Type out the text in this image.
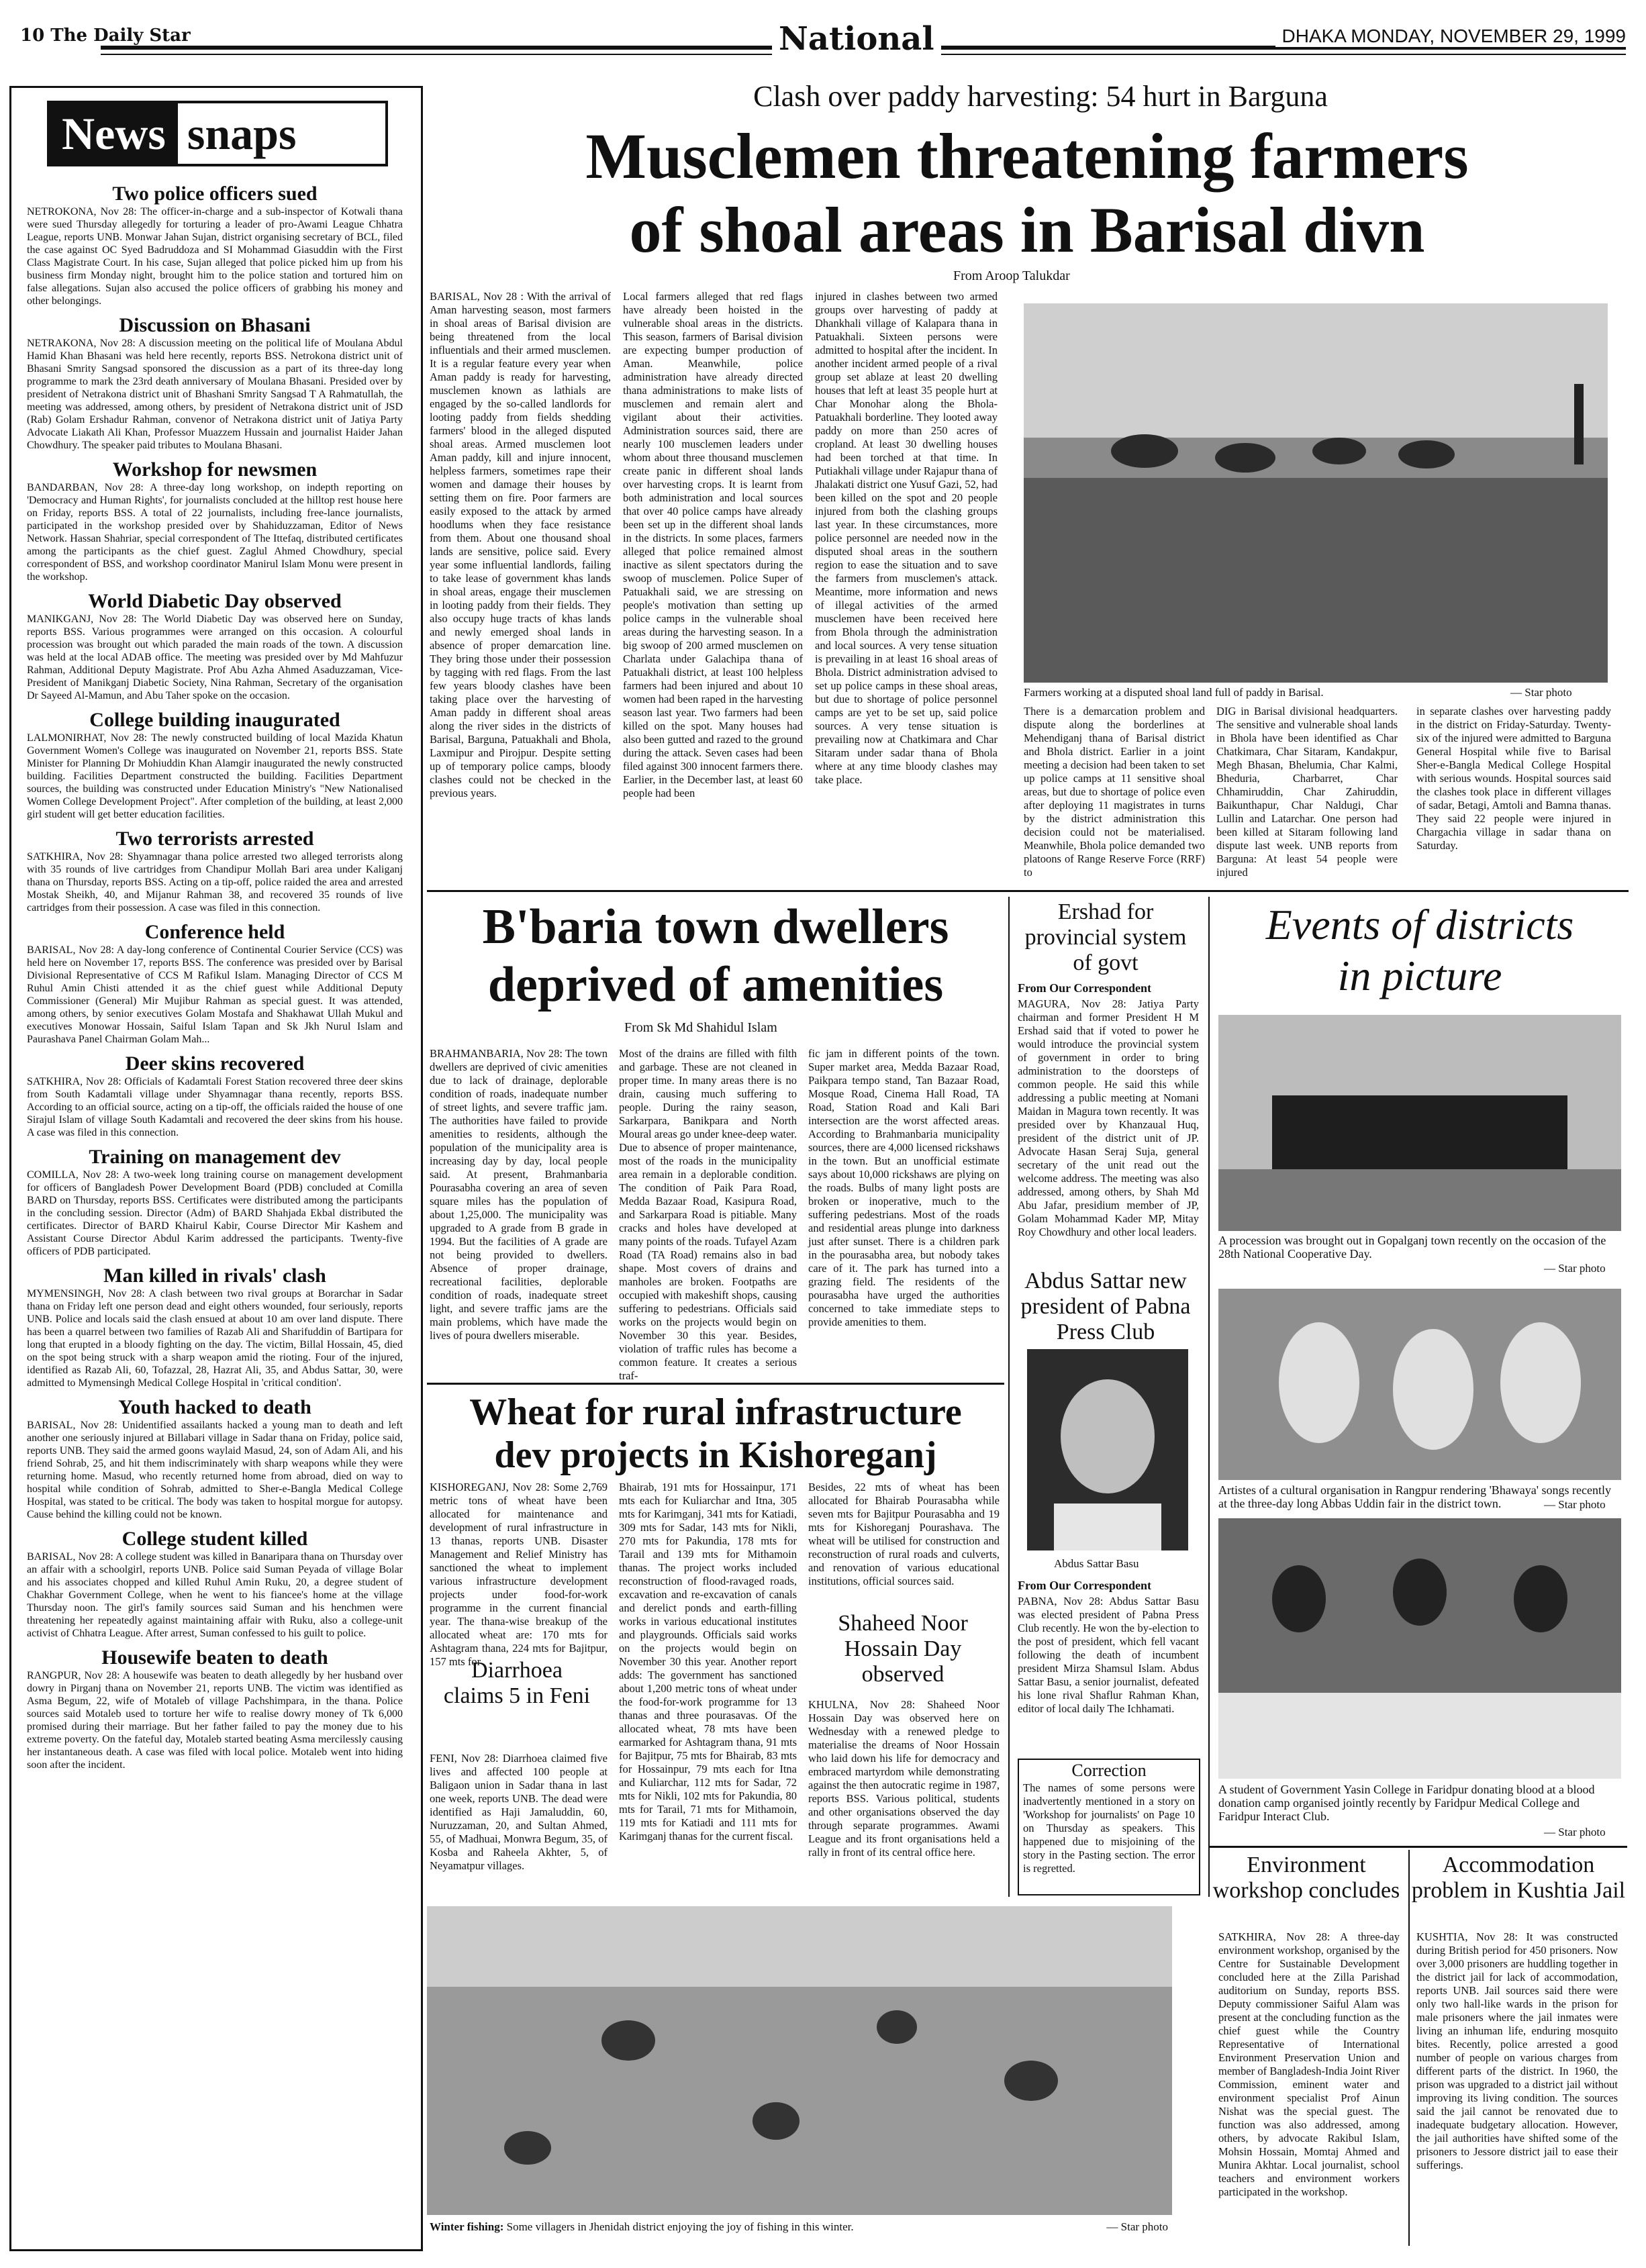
10 The Daily Star	National	DHAKA MONDAY, NOVEMBER 29, 1999
News snaps
Two police officers sued

NETROKONA, Nov 28: The officer-in-charge and a sub-inspector of Kotwali thana were sued Thursday allegedly for torturing a leader of pro-Awami League Chhatra League, reports UNB. Monwar Jahan Sujan, district organising secretary of BCL, filed the case against OC Syed Badruddoza and SI Mohammad Giasuddin with the First Class Magistrate Court. In his case, Sujan alleged that police picked him up from his business firm Monday night, brought him to the police station and tortured him on false allegations. Sujan also accused the police officers of grabbing his money and other belongings.

Discussion on Bhasani

NETRAKONA, Nov 28: A discussion meeting on the political life of Moulana Abdul Hamid Khan Bhasani was held here recently, reports BSS. Netrokona district unit of Bhasani Smrity Sangsad sponsored the discussion as a part of its three-day long programme to mark the 23rd death anniversary of Moulana Bhasani. Presided over by president of Netrakona district unit of Bhashani Smrity Sangsad T A Rahmatullah, the meeting was addressed, among others, by president of Netrakona district unit of JSD (Rab) Golam Ershadur Rahman, convenor of Netrakona district unit of Jatiya Party Advocate Liakath Ali Khan, Professor Muazzem Hussain and journalist Haider Jahan Chowdhury. The speaker paid tributes to Moulana Bhasani.

Workshop for newsmen

BANDARBAN, Nov 28: A three-day long workshop, on indepth reporting on 'Democracy and Human Rights', for journalists concluded at the hilltop rest house here on Friday, reports BSS. A total of 22 journalists, including free-lance journalists, participated in the workshop presided over by Shahiduzzaman, Editor of News Network. Hassan Shahriar, special correspondent of The Ittefaq, distributed certificates among the participants as the chief guest. Zaglul Ahmed Chowdhury, special correspondent of BSS, and workshop coordinator Manirul Islam Monu were present in the workshop.

World Diabetic Day observed

MANIKGANJ, Nov 28: The World Diabetic Day was observed here on Sunday, reports BSS. Various programmes were arranged on this occasion. A colourful procession was brought out which paraded the main roads of the town. A discussion was held at the local ADAB office. The meeting was presided over by Md Mahfuzur Rahman, Additional Deputy Magistrate. Prof Abu Azha Ahmed Asaduzzaman, Vice-President of Manikganj Diabetic Society, Nina Rahman, Secretary of the organisation Dr Sayeed Al-Mamun, and Abu Taher spoke on the occasion.

College building inaugurated

LALMONIRHAT, Nov 28: The newly constructed building of local Mazida Khatun Government Women's College was inaugurated on November 21, reports BSS. State Minister for Planning Dr Mohiuddin Khan Alamgir inaugurated the newly constructed building. Facilities Department constructed the building. Facilities Department sources, the building was constructed under Education Ministry's "New Nationalised Women College Development Project". After completion of the building, at least 2,000 girl student will get better education facilities.

Two terrorists arrested

SATKHIRA, Nov 28: Shyamnagar thana police arrested two alleged terrorists along with 35 rounds of live cartridges from Chandipur Mollah Bari area under Kaliganj thana on Thursday, reports BSS. Acting on a tip-off, police raided the area and arrested Mostak Sheikh, 40, and Mijanur Rahman 38, and recovered 35 rounds of live cartridges from their possession. A case was filed in this connection.

Conference held

BARISAL, Nov 28: A day-long conference of Continental Courier Service (CCS) was held here on November 17, reports BSS. The conference was presided over by Barisal Divisional Representative of CCS M Rafikul Islam. Managing Director of CCS M Ruhul Amin Chisti attended it as the chief guest while Additional Deputy Commissioner (General) Mir Mujibur Rahman as special guest. It was attended, among others, by senior executives Golam Mostafa and Shakhawat Ullah Mukul and executives Monowar Hossain, Saiful Islam Tapan and Sk Jkh Nurul Islam and Paurashava Panel Chairman Golam Mah...

Deer skins recovered

SATKHIRA, Nov 28: Officials of Kadamtali Forest Station recovered three deer skins from South Kadamtali village under Shyamnagar thana recently, reports BSS. According to an official source, acting on a tip-off, the officials raided the house of one Sirajul Islam of village South Kadamtali and recovered the deer skins from his house. A case was filed in this connection.

Training on management dev

COMILLA, Nov 28: A two-week long training course on management development for officers of Bangladesh Power Development Board (PDB) concluded at Comilla BARD on Thursday, reports BSS. Certificates were distributed among the participants in the concluding session. Director (Adm) of BARD Shahjada Ekbal distributed the certificates. Director of BARD Khairul Kabir, Course Director Mir Kashem and Assistant Course Director Abdul Karim addressed the participants. Twenty-five officers of PDB participated.

Man killed in rivals' clash

MYMENSINGH, Nov 28: A clash between two rival groups at Borarchar in Sadar thana on Friday left one person dead and eight others wounded, four seriously, reports UNB. Police and locals said the clash ensued at about 10 am over land dispute. There has been a quarrel between two families of Razab Ali and Sharifuddin of Bartipara for long that erupted in a bloody fighting on the day. The victim, Billal Hossain, 45, died on the spot being struck with a sharp weapon amid the rioting. Four of the injured, identified as Razab Ali, 60, Tofazzal, 28, Hazrat Ali, 35, and Abdus Sattar, 30, were admitted to Mymensingh Medical College Hospital in 'critical condition'.

Youth hacked to death

BARISAL, Nov 28: Unidentified assailants hacked a young man to death and left another one seriously injured at Billabari village in Sadar thana on Friday, police said, reports UNB. They said the armed goons waylaid Masud, 24, son of Adam Ali, and his friend Sohrab, 25, and hit them indiscriminately with sharp weapons while they were returning home. Masud, who recently returned home from abroad, died on way to hospital while condition of Sohrab, admitted to Sher-e-Bangla Medical College Hospital, was stated to be critical. The body was taken to hospital morgue for autopsy. Cause behind the killing could not be known.

College student killed

BARISAL, Nov 28: A college student was killed in Banaripara thana on Thursday over an affair with a schoolgirl, reports UNB. Police said Suman Peyada of village Bolar and his associates chopped and killed Ruhul Amin Ruku, 20, a degree student of Chakhar Government College, when he went to his fiancee's home at the village Thursday noon. The girl's family sources said Suman and his henchmen were threatening her repeatedly against maintaining affair with Ruku, also a college-unit activist of Chhatra League. After arrest, Suman confessed to his guilt to police.

Housewife beaten to death

RANGPUR, Nov 28: A housewife was beaten to death allegedly by her husband over dowry in Pirganj thana on November 21, reports UNB. The victim was identified as Asma Begum, 22, wife of Motaleb of village Pachshimpara, in the thana. Police sources said Motaleb used to torture her wife to realise dowry money of Tk 6,000 promised during their marriage. But her father failed to pay the money due to his extreme poverty. On the fateful day, Motaleb started beating Asma mercilessly causing her instantaneous death. A case was filed with local police. Motaleb went into hiding soon after the incident.

Clash over paddy harvesting: 54 hurt in Barguna
Musclemen threatening farmers
of shoal areas in Barisal divn
From Aroop Talukdar
BARISAL, Nov 28 : With the arrival of Aman harvesting season, most farmers in shoal areas of Barisal division are being threatened from the local influentials and their armed musclemen. It is a regular feature every year when Aman paddy is ready for harvesting, musclemen known as lathials are engaged by the so-called landlords for looting paddy from fields shedding farmers' blood in the alleged disputed shoal areas. Armed musclemen loot Aman paddy, kill and injure innocent, helpless farmers, sometimes rape their women and damage their houses by setting them on fire. Poor farmers are easily exposed to the attack by armed hoodlums when they face resistance from them. About one thousand shoal lands are sensitive, police said. Every year some influential landlords, failing to take lease of government khas lands in shoal areas, engage their musclemen in looting paddy from their fields. They also occupy huge tracts of khas lands and newly emerged shoal lands in absence of proper demarcation line. They bring those under their possession by tagging with red flags. From the last few years bloody clashes have been taking place over the harvesting of Aman paddy in different shoal areas along the river sides in the districts of Barisal, Barguna, Patuakhali and Bhola, Laxmipur and Pirojpur. Despite setting up of temporary police camps, bloody clashes could not be checked in the previous years.
Local farmers alleged that red flags have already been hoisted in the vulnerable shoal areas in the districts. This season, farmers of Barisal division are expecting bumper production of Aman. Meanwhile, police administration have already directed thana administrations to make lists of musclemen and remain alert and vigilant about their activities. Administration sources said, there are nearly 100 musclemen leaders under whom about three thousand musclemen create panic in different shoal lands over harvesting crops. It is learnt from both administration and local sources that over 40 police camps have already been set up in the different shoal lands in the districts. In some places, farmers alleged that police remained almost inactive as silent spectators during the swoop of musclemen. Police Super of Patuakhali said, we are stressing on people's motivation than setting up police camps in the vulnerable shoal areas during the harvesting season. In a big swoop of 200 armed musclemen on Charlata under Galachipa thana of Patuakhali district, at least 100 helpless farmers had been injured and about 10 women had been raped in the harvesting season last year. Two farmers had been killed on the spot. Many houses had also been gutted and razed to the ground during the attack. Seven cases had been filed against 300 innocent farmers there. Earlier, in the December last, at least 60 people had been
injured in clashes between two armed groups over harvesting of paddy at Dhankhali village of Kalapara thana in Patuakhali. Sixteen persons were admitted to hospital after the incident. In another incident armed people of a rival group set ablaze at least 20 dwelling houses that left at least 35 people hurt at Char Monohar along the Bhola-Patuakhali borderline. They looted away paddy on more than 250 acres of cropland. At least 30 dwelling houses had been torched at that time. In Putiakhali village under Rajapur thana of Jhalakati district one Yusuf Gazi, 52, had been killed on the spot and 20 people injured from both the clashing groups last year. In these circumstances, more police personnel are needed now in the disputed shoal areas in the southern region to ease the situation and to save the farmers from musclemen's attack. Meantime, more information and news of illegal activities of the armed musclemen have been received here from Bhola through the administration and local sources. A very tense situation is prevailing in at least 16 shoal areas of Bhola. District administration advised to set up police camps in these shoal areas, but due to shortage of police personnel camps are yet to be set up, said police sources. A very tense situation is prevailing now at Chatkimara and Char Sitaram under sadar thana of Bhola where at any time bloody clashes may take place.
Farmers working at a disputed shoal land full of paddy in Barisal.	— Star photo
There is a demarcation problem and dispute along the borderlines at Mehendiganj thana of Barisal district and Bhola district. Earlier in a joint meeting a decision had been taken to set up police camps at 11 sensitive shoal areas, but due to shortage of police even after deploying 11 magistrates in turns by the district administration this decision could not be materialised. Meanwhile, Bhola police demanded two platoons of Range Reserve Force (RRF) to
DIG in Barisal divisional headquarters. The sensitive and vulnerable shoal lands in Bhola have been identified as Char Chatkimara, Char Sitaram, Kandakpur, Megh Bhasan, Bhelumia, Char Kalmi, Bheduria, Charbarret, Char Chhamiruddin, Char Zahiruddin, Baikunthapur, Char Naldugi, Char Lullin and Latarchar. One person had been killed at Sitaram following land dispute last week. UNB reports from Barguna: At least 54 people were injured
in separate clashes over harvesting paddy in the district on Friday-Saturday. Twenty-six of the injured were admitted to Barguna General Hospital while five to Barisal Sher-e-Bangla Medical College Hospital with serious wounds. Hospital sources said the clashes took place in different villages of sadar, Betagi, Amtoli and Bamna thanas. They said 22 people were injured in Chargachia village in sadar thana on Saturday.
B'baria town dwellers
deprived of amenities
From Sk Md Shahidul Islam
BRAHMANBARIA, Nov 28: The town dwellers are deprived of civic amenities due to lack of drainage, deplorable condition of roads, inadequate number of street lights, and severe traffic jam. The authorities have failed to provide amenities to residents, although the population of the municipality area is increasing day by day, local people said. At present, Brahmanbaria Pourasabha covering an area of seven square miles has the population of about 1,25,000. The municipality was upgraded to A grade from B grade in 1994. But the facilities of A grade are not being provided to dwellers. Absence of proper drainage, recreational facilities, deplorable condition of roads, inadequate street light, and severe traffic jams are the main problems, which have made the lives of poura dwellers miserable.
Most of the drains are filled with filth and garbage. These are not cleaned in proper time. In many areas there is no drain, causing much suffering to people. During the rainy season, Sarkarpara, Banikpara and North Moural areas go under knee-deep water. Due to absence of proper maintenance, most of the roads in the municipality area remain in a deplorable condition. The condition of Paik Para Road, Medda Bazaar Road, Kasipura Road, and Sarkarpara Road is pitiable. Many cracks and holes have developed at many points of the roads. Tufayel Azam Road (TA Road) remains also in bad shape. Most covers of drains and manholes are broken. Footpaths are occupied with makeshift shops, causing suffering to pedestrians. Officials said works on the projects would begin on November 30 this year. Besides, violation of traffic rules has become a common feature. It creates a serious traf-
fic jam in different points of the town. Super market area, Medda Bazaar Road, Paikpara tempo stand, Tan Bazaar Road, Mosque Road, Cinema Hall Road, TA Road, Station Road and Kali Bari intersection are the worst affected areas. According to Brahmanbaria municipality sources, there are 4,000 licensed rickshaws in the town. But an unofficial estimate says about 10,000 rickshaws are plying on the roads. Bulbs of many light posts are broken or inoperative, much to the suffering pedestrians. Most of the roads and residential areas plunge into darkness just after sunset. There is a children park in the pourasabha area, but nobody takes care of it. The park has turned into a grazing field. The residents of the pourasabha have urged the authorities concerned to take immediate steps to provide amenities to them.
Wheat for rural infrastructure
dev projects in Kishoreganj
KISHOREGANJ, Nov 28: Some 2,769 metric tons of wheat have been allocated for maintenance and development of rural infrastructure in 13 thanas, reports UNB. Disaster Management and Relief Ministry has sanctioned the wheat to implement various infrastructure development projects under food-for-work programme in the current financial year. The thana-wise breakup of the allocated wheat are: 170 mts for Ashtagram thana, 224 mts for Bajitpur, 157 mts for
Bhairab, 191 mts for Hossainpur, 171 mts each for Kuliarchar and Itna, 305 mts for Karimganj, 341 mts for Katiadi, 309 mts for Sadar, 143 mts for Nikli, 270 mts for Pakundia, 178 mts for Tarail and 139 mts for Mithamoin thanas. The project works included reconstruction of flood-ravaged roads, excavation and re-excavation of canals and derelict ponds and earth-filling works in various educational institutes and playgrounds. Officials said works on the projects would begin on November 30 this year. Another report adds: The government has sanctioned about 1,200 metric tons of wheat under the food-for-work programme for 13 thanas and three pourasavas. Of the allocated wheat, 78 mts have been earmarked for Ashtagram thana, 91 mts for Bajitpur, 75 mts for Bhairab, 83 mts for Hossainpur, 79 mts each for Itna and Kuliarchar, 112 mts for Sadar, 72 mts for Nikli, 102 mts for Pakundia, 80 mts for Tarail, 71 mts for Mithamoin, 119 mts for Katiadi and 111 mts for Karimganj thanas for the current fiscal.
Besides, 22 mts of wheat has been allocated for Bhairab Pourasabha while seven mts for Bajitpur Pourasabha and 19 mts for Kishoreganj Pourashava. The wheat will be utilised for construction and reconstruction of rural roads and culverts, and renovation of various educational institutions, official sources said.
Diarrhoea claims 5 in Feni
FENI, Nov 28: Diarrhoea claimed five lives and affected 100 people at Baligaon union in Sadar thana in last one week, reports UNB. The dead were identified as Haji Jamaluddin, 60, Nuruzzaman, 20, and Sultan Ahmed, 55, of Madhuai, Monwra Begum, 35, of Kosba and Raheela Akhter, 5, of Neyamatpur villages.
Shaheed Noor Hossain Day observed
KHULNA, Nov 28: Shaheed Noor Hossain Day was observed here on Wednesday with a renewed pledge to materialise the dreams of Noor Hossain who laid down his life for democracy and embraced martyrdom while demonstrating against the then autocratic regime in 1987, reports BSS. Various political, students and other organisations observed the day through separate programmes. Awami League and its front organisations held a rally in front of its central office here.
Winter fishing: Some villagers in Jhenidah district enjoying the joy of fishing in this winter.	— Star photo
Ershad for provincial system of govt
From Our Correspondent
MAGURA, Nov 28: Jatiya Party chairman and former President H M Ershad said that if voted to power he would introduce the provincial system of government in order to bring administration to the doorsteps of common people. He said this while addressing a public meeting at Nomani Maidan in Magura town recently. It was presided over by Khanzaual Huq, president of the district unit of JP. Advocate Hasan Seraj Suja, general secretary of the unit read out the welcome address. The meeting was also addressed, among others, by Shah Md Abu Jafar, presidium member of JP, Golam Mohammad Kader MP, Mitay Roy Chowdhury and other local leaders.
Abdus Sattar new president of Pabna Press Club
Abdus Sattar Basu
From Our Correspondent
PABNA, Nov 28: Abdus Sattar Basu was elected president of Pabna Press Club recently. He won the by-election to the post of president, which fell vacant following the death of incumbent president Mirza Shamsul Islam. Abdus Sattar Basu, a senior journalist, defeated his lone rival Shaflur Rahman Khan, editor of local daily The Ichhamati.
Correction
The names of some persons were inadvertently mentioned in a story on 'Workshop for journalists' on Page 10 on Thursday as speakers. This happened due to misjoining of the story in the Pasting section. The error is regretted.
Events of districts
in picture
A procession was brought out in Gopalganj town recently on the occasion of the 28th National Cooperative Day.
— Star photo
Artistes of a cultural organisation in Rangpur rendering 'Bhawaya' songs recently at the three-day long Abbas Uddin fair in the district town.	— Star photo
A student of Government Yasin College in Faridpur donating blood at a blood donation camp organised jointly recently by Faridpur Medical College and Faridpur Interact Club.
— Star photo
Environment workshop concludes
SATKHIRA, Nov 28: A three-day environment workshop, organised by the Centre for Sustainable Development concluded here at the Zilla Parishad auditorium on Sunday, reports BSS. Deputy commissioner Saiful Alam was present at the concluding function as the chief guest while the Country Representative of International Environment Preservation Union and member of Bangladesh-India Joint River Commission, eminent water and environment specialist Prof Ainun Nishat was the special guest. The function was also addressed, among others, by advocate Rakibul Islam, Mohsin Hossain, Momtaj Ahmed and Munira Akhtar. Local journalist, school teachers and environment workers participated in the workshop.
Accommodation problem in Kushtia Jail
KUSHTIA, Nov 28: It was constructed during British period for 450 prisoners. Now over 3,000 prisoners are huddling together in the district jail for lack of accommodation, reports UNB. Jail sources said there were only two hall-like wards in the prison for male prisoners where the jail inmates were living an inhuman life, enduring mosquito bites. Recently, police arrested a good number of people on various charges from different parts of the district. In 1960, the prison was upgraded to a district jail without improving its living condition. The sources said the jail cannot be renovated due to inadequate budgetary allocation. However, the jail authorities have shifted some of the prisoners to Jessore district jail to ease their sufferings.
